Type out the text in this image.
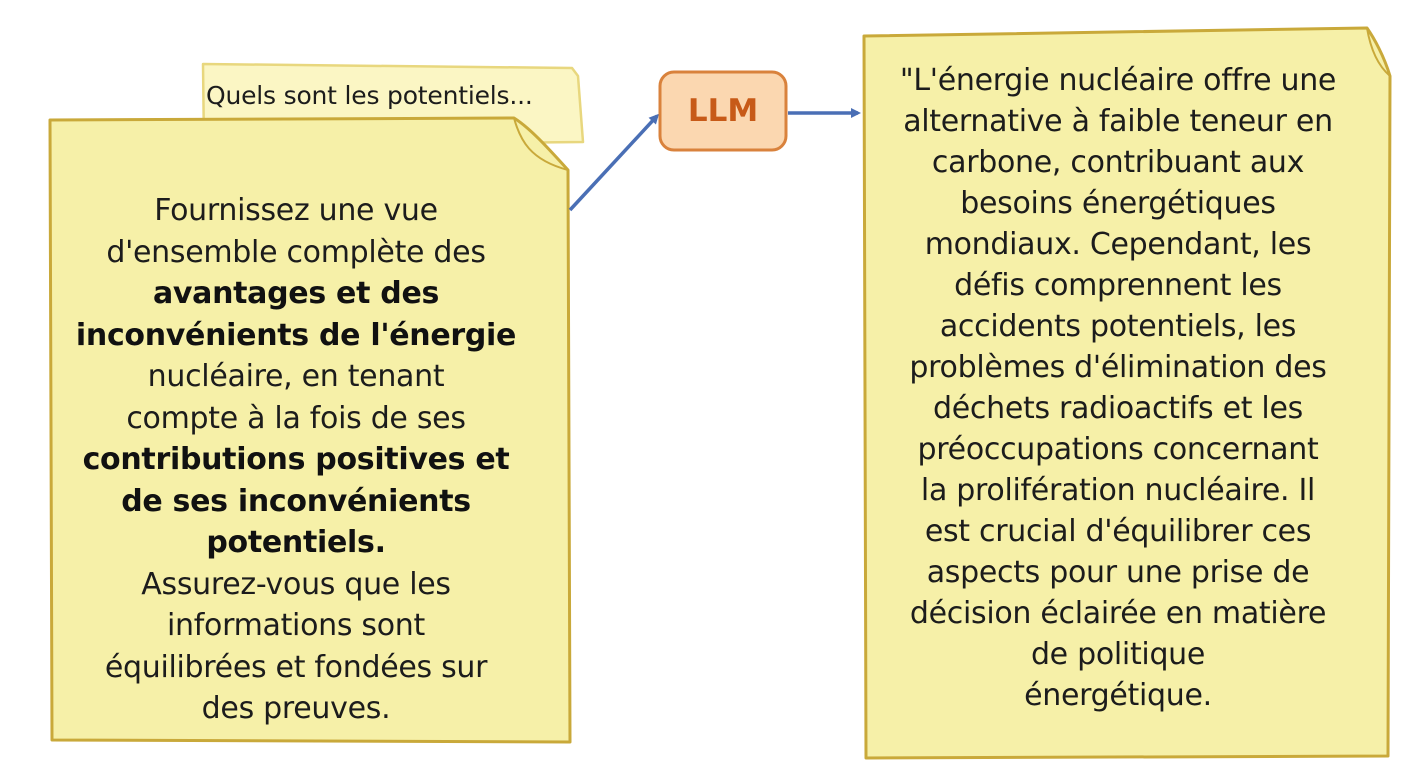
Quels sont les potentiels...	LLM
Fournissez une vue
d'ensemble complète des
avantages et des
inconvénients de l'énergie
nucléaire, en tenant
compte à la fois de ses
contributions positives et
de ses inconvénients
potentiels.
Assurez-vous que les
informations sont
équilibrées et fondées sur
des preuves.
"L'énergie nucléaire offre une
alternative à faible teneur en
carbone, contribuant aux
besoins énergétiques
mondiaux. Cependant, les
défis comprennent les
accidents potentiels, les
problèmes d'élimination des
déchets radioactifs et les
préoccupations concernant
la prolifération nucléaire. Il
est crucial d'équilibrer ces
aspects pour une prise de
décision éclairée en matière
de politique
énergétique.
